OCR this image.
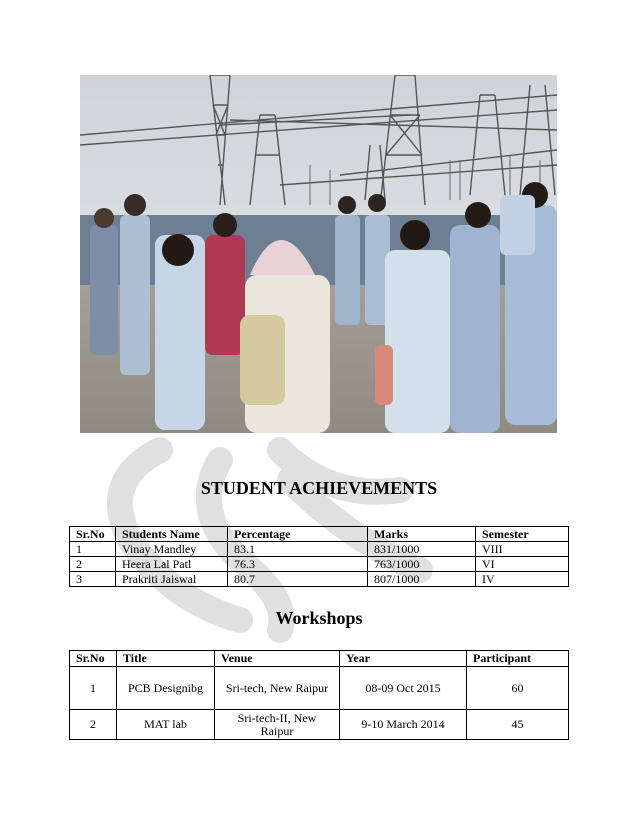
STUDENT ACHIEVEMENTS
Sr.No	Students Name	Percentage	Marks	Semester
1	Vinay Mandley	83.1	831/1000	VIII
2	Heera Lal Patl	76.3	763/1000	VI
3	Prakriti Jaiswal	80.7	807/1000	IV
Workshops
Sr.No	Title	Venue	Year	Participant
1	PCB Designibg	Sri-tech, New Raipur	08-09 Oct 2015	60
2	MAT lab	Sri-tech-II, New Raipur	9-10 March 2014	45
